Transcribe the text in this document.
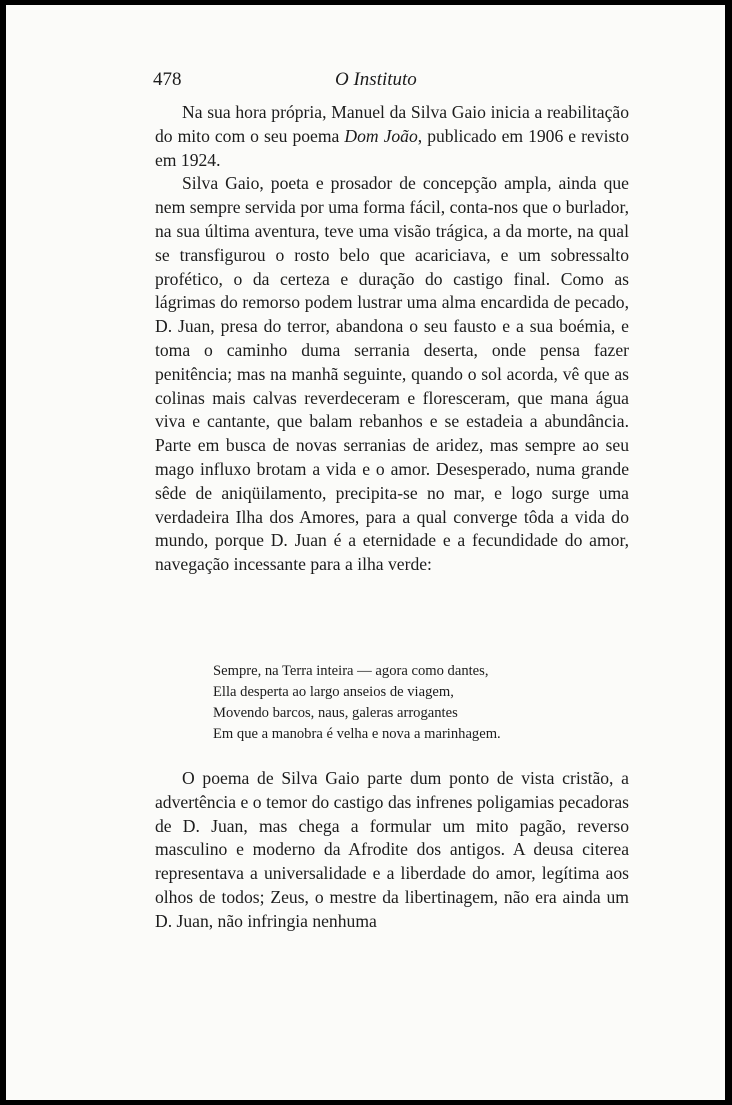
478	O Instituto

Na sua hora própria, Manuel da Silva Gaio inicia a reabilitação do mito com o seu poema Dom João, publicado em 1906 e revisto em 1924.

Silva Gaio, poeta e prosador de concepção ampla, ainda que nem sempre servida por uma forma fácil, conta-nos que o burlador, na sua última aventura, teve uma visão trágica, a da morte, na qual se transfigurou o rosto belo que acariciava, e um sobressalto profético, o da certeza e duração do castigo final. Como as lágrimas do remorso podem lustrar uma alma encardida de pecado, D. Juan, presa do terror, abandona o seu fausto e a sua boémia, e toma o caminho duma serrania deserta, onde pensa fazer penitência; mas na manhã seguinte, quando o sol acorda, vê que as colinas mais calvas reverdeceram e floresceram, que mana água viva e cantante, que balam rebanhos e se estadeia a abundância. Parte em busca de novas serranias de aridez, mas sempre ao seu mago influxo brotam a vida e o amor. Desesperado, numa grande sêde de aniqüilamento, precipita-se no mar, e logo surge uma verdadeira Ilha dos Amores, para a qual converge tôda a vida do mundo, porque D. Juan é a eternidade e a fecundidade do amor, navegação incessante para a ilha verde:

Sempre, na Terra inteira — agora como dantes,
Ella desperta ao largo anseios de viagem,
Movendo barcos, naus, galeras arrogantes
Em que a manobra é velha e nova a marinhagem.

O poema de Silva Gaio parte dum ponto de vista cristão, a advertência e o temor do castigo das infrenes poligamias pecadoras de D. Juan, mas chega a formular um mito pagão, reverso masculino e moderno da Afrodite dos antigos. A deusa citerea representava a universalidade e a liberdade do amor, legítima aos olhos de todos; Zeus, o mestre da libertinagem, não era ainda um D. Juan, não infringia nenhuma
